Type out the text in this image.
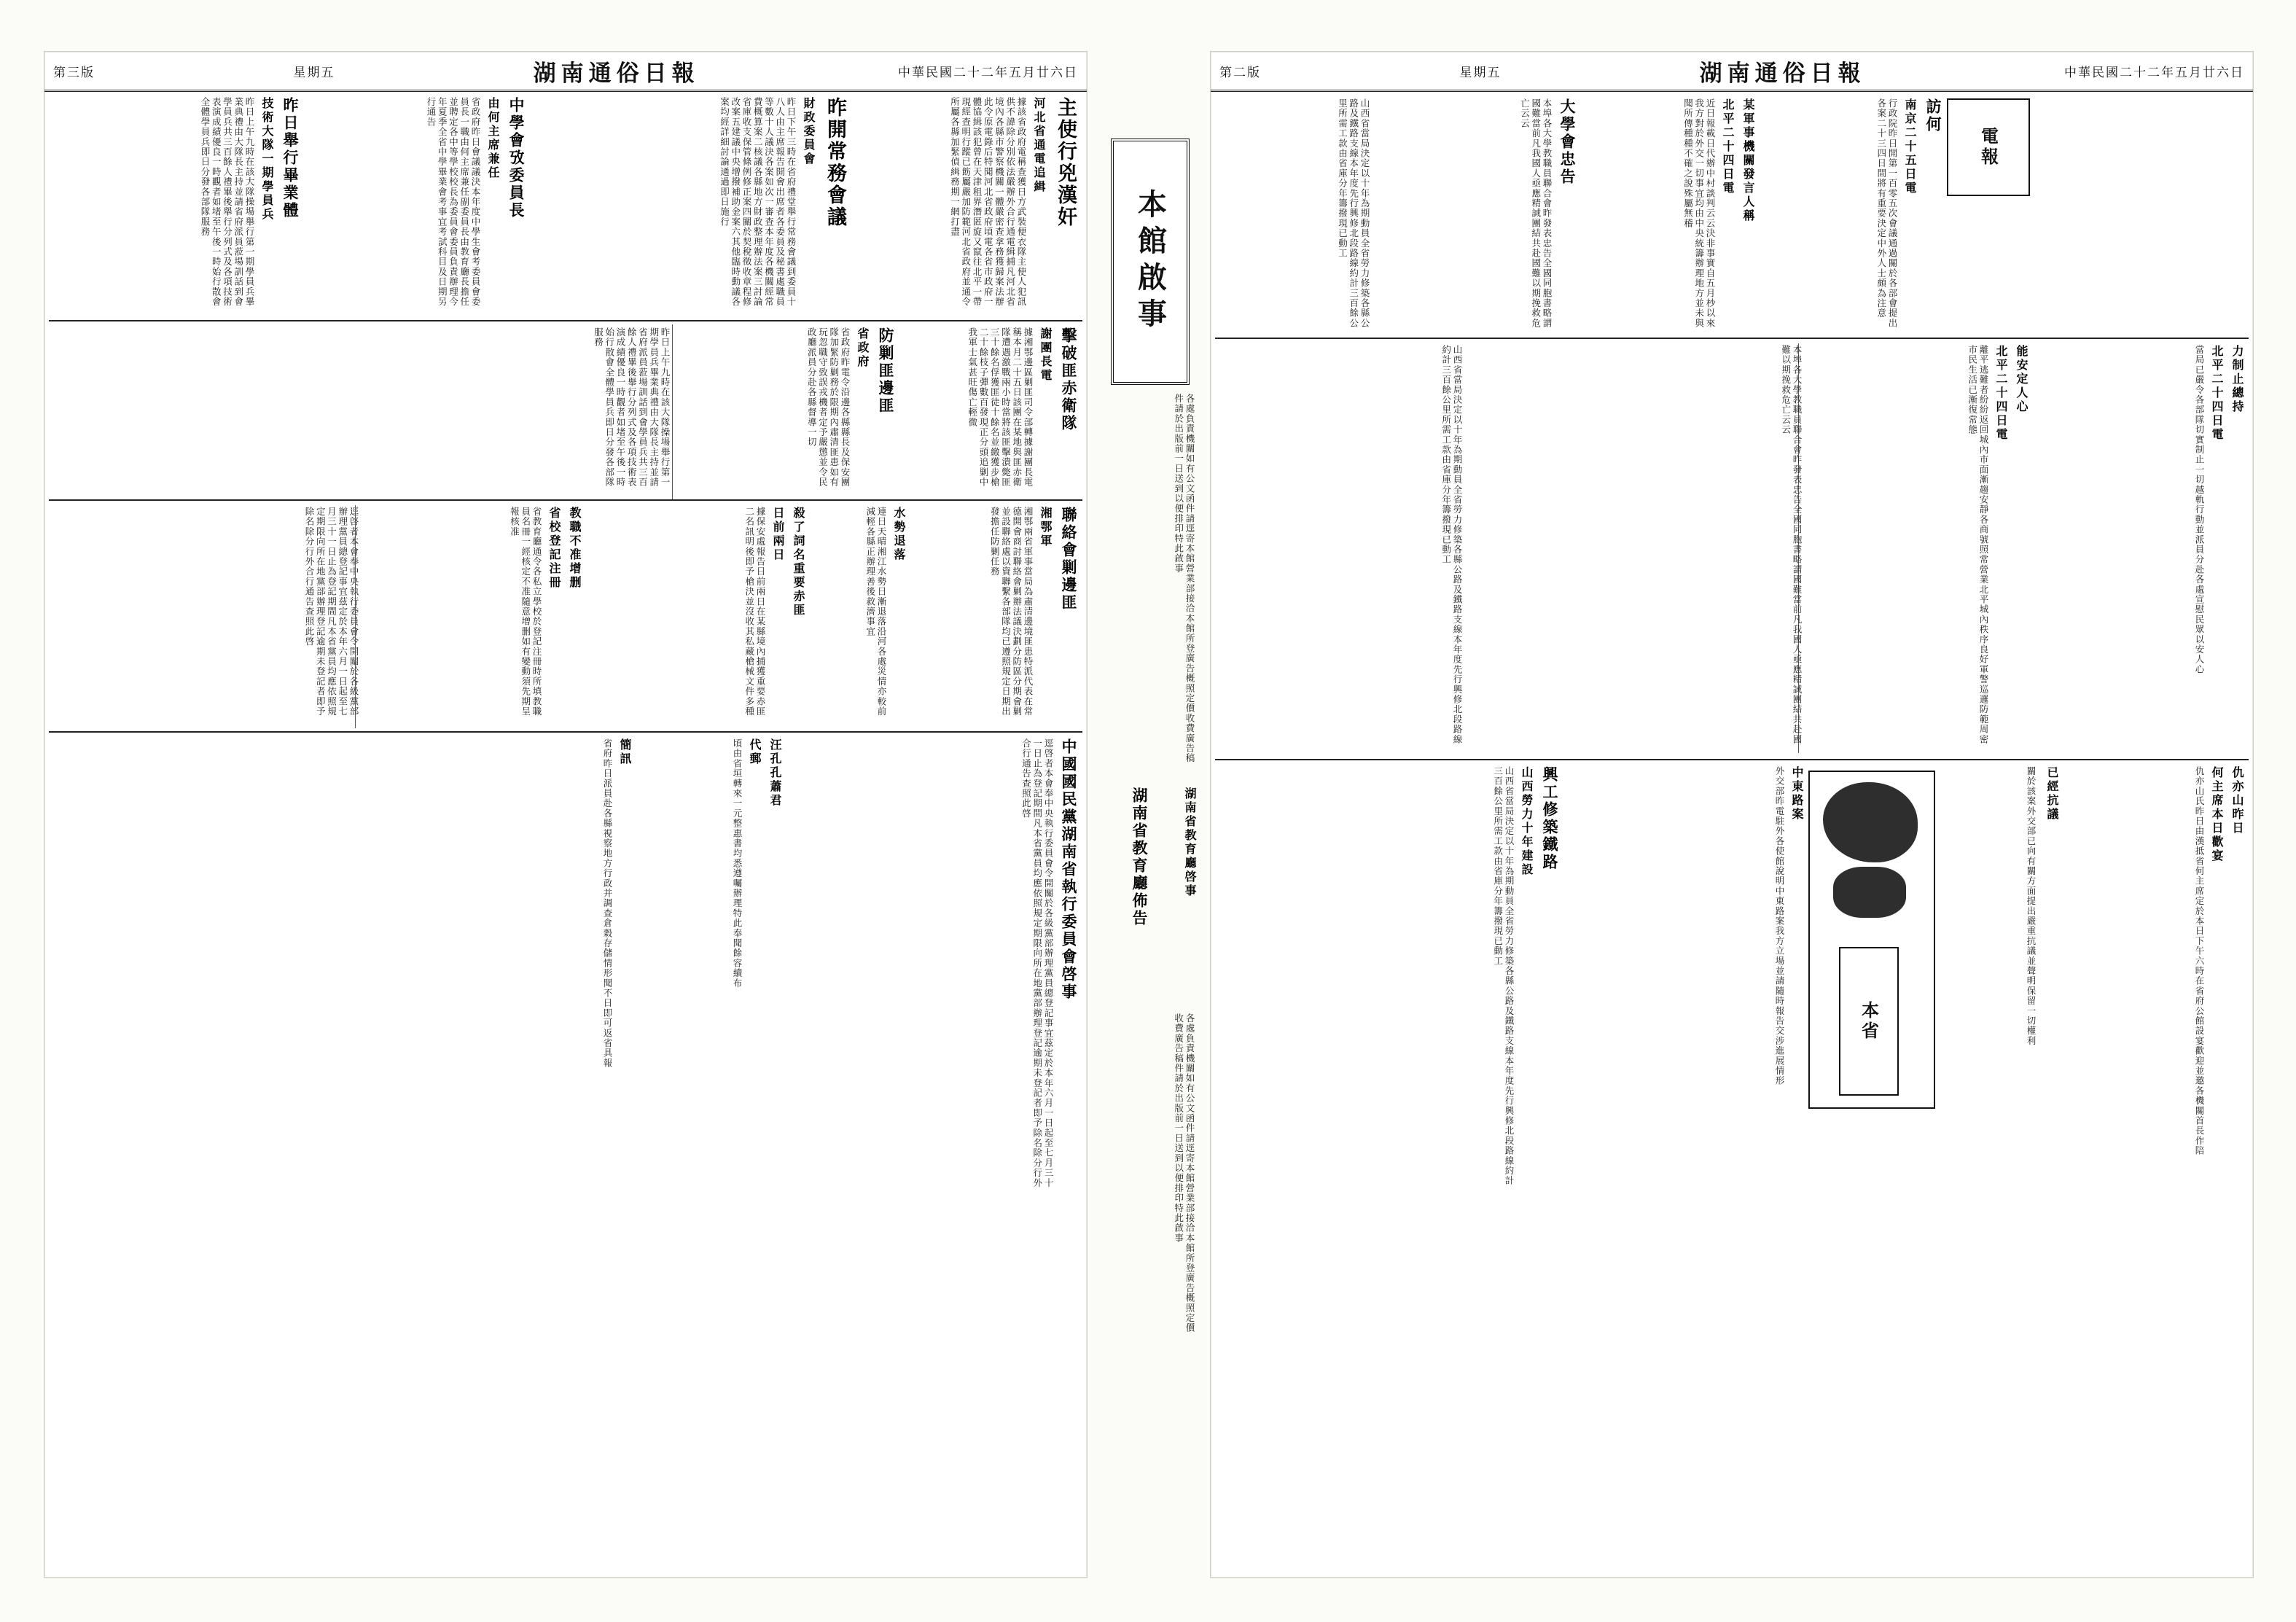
第三版	星期五	湖南通俗日報	中華民國二十二年五月廿六日
主使行兇漢奸
河北省通電追緝
據該省政府電稱查獲日方武裝便衣隊主使人犯訊供不諱除分別依法嚴辦外合行通電緝捕凡河北省境內各縣市警察機關一體嚴密查拿務獲歸案法辦此令原電錄后特聞河北省政府頃電各省市政府一體協緝該犯曾在天津租界潛匿旋又竄往北平一帶現經查明行蹤已飭屬嚴加防範河北省政府並通令所屬各縣加緊偵緝務期一網打盡
昨開常務會議
財政委員會
昨日下午三時在省府禮堂舉行常務會議到委員十八人由主席報告開會出席者各委員及秘書處職員等數十人議決各案如次一審查本年度各機關經常費概算案二核議各縣地方財政整理辦法案三討論省庫收支保管條例修正案四關於契稅徵收章程修改案五建議中央增撥補助金案六其他臨時動議各案均經詳細討論通過即日施行
中學會攷委員長
由何主席兼任
省政府昨日會議議決本年度中學生會考委員會委員長一職由何主席兼任副委員長由教育廳長擔任並聘定各中等學校校長為委員會委員負責辦理今年夏季全省中學畢業會考事宜考試科目及日期另行通告
昨日舉行畢業體
技術大隊一期學員兵
昨日上午九時在該大隊操場舉行第一期學員兵畢業典禮由大隊長主持並請省府派員蒞場訓話到會學員兵共三百餘人禮畢後舉行分列式及各項技術表演成績優良一時觀者如堵至午後一時始行散會全體學員兵即日分發各部隊服務
擊破匪赤衛隊
謝團長電
據湘鄂邊區剿匪司令部轉據謝團長電稱本月二十五日該團在某地與匪赤衛隊遭遇激戰兩小時當將該匪擊潰斃匪三十餘名俘獲匪徒十餘名並繳獲步槍二十餘枝子彈數百發現正分頭追剿中我軍士氣甚旺傷亡輕微
防剿匪邊匪
省政府
省政府昨電令沿邊各縣縣長及保安團隊加緊防剿務於限期內肅清匪患如有玩忽職守致誤戎機者定予嚴懲並令民政廳派員分赴各縣督導一切
昨日上午九時在該大隊操場舉行第一期學員兵畢業典禮由大隊長主持並請省府派員蒞場訓話到會學員兵共三百餘人禮畢後舉行分列式及各項技術表演成績優良一時觀者如堵至午後一時始行散會全體學員兵即日分發各部隊服務
聯絡會剿邊匪
湘鄂軍
湘鄂兩省軍事當局為肅清邊境匪患特派代表在常德開會商討聯絡會剿辦法議決劃分防區分期會剿並設聯絡處以資聯繫各部隊均已遵照規定日期出發擔任防剿任務
水勢退落
連日天晴湘江水勢日漸退落沿河各處災情亦較前減輕各縣正辦理善後救濟事宜
殺了詞名重要赤匪
日前兩日
據保安處報告日前兩日在某縣境內捕獲重要赤匪二名訊明後即予槍決並沒收其私藏槍械文件多種
教職不准增删
省校登記注冊
省教育廳通令各私立學校於登記注冊時所填教職員名冊一經核定不准隨意增删如有變動須先期呈報核准
逕啓者本會奉中央執行委員會令開關於各級黨部辦理黨員總登記事宜茲定於本年六月一日起至七月三十一日止為登記期間凡本省黨員均應依照規定期限向所在地黨部辦理登記逾期未登記者即予除名除分行外合行通告查照此啓
中國國民黨湖南省執行委員會啓事
逕啓者本會奉中央執行委員會令開關於各級黨部辦理黨員總登記事宜茲定於本年六月一日起至七月三十一日止為登記期間凡本省黨員均應依照規定期限向所在地黨部辦理登記逾期未登記者即予除名除分行外合行通告查照此啓
汪孔孔蕭君
代郵
頃由省垣轉來一元整惠書均悉遵囑辦理特此奉聞餘容續布
簡訊
省府昨日派員赴各縣視察地方行政并調查倉穀存儲情形聞不日即可返省具報
本館啟事
各處負責機關如有公文函件請逕寄本館營業部接洽本館所登廣告概照定價收費廣告稿件請於出版前一日送到以便排印特此啟事
湖南省教育廳佈告	湖南省教育廳啓事
各處負責機關如有公文函件請逕寄本館營業部接洽本館所登廣告概照定價收費廣告稿件請於出版前一日送到以便排印特此啟事
第二版	星期五	湖南通俗日報	中華民國二十二年五月廿六日
電報
訪何
南京二十五日電
行政院昨日開第一百零五次會議通過關於各部會提出各案二十三四日間將有重要決定中外人士頗為注意
某軍事機關發言人稱
北平二十四日電
近日報載日代辦中村談判云云決非事實自五月杪以來我方對於外交一切事宜均由中央統籌辦理地方並未與聞所傳種種不確之說殊屬無稽
大學會忠告
本埠各大學教職員聯合會昨發表忠告全國同胞書略謂國難當前凡我國人亟應精誠團結共赴國難以期挽救危亡云云
山西省當局決定以十年為期動員全省勞力修築各縣公路及鐵路支線本年度先行興修北段路線約計三百餘公里所需工款由省庫分年籌撥現已動工
力制止總持
北平二十四日電
當局已嚴令各部隊切實制止一切越軌行動並派員分赴各處宣慰民眾以安人心
能安定人心
北平二十四日電
離平逃難者紛紛返回城內市面漸趨安靜各商號照常營業北平城內秩序良好軍警巡邏防範周密市民生活已漸復常態
本埠各大學教職員聯合會昨發表忠告全國同胞書略謂國難當前凡我國人亟應精誠團結共赴國難以期挽救危亡云云
山西省當局決定以十年為期動員全省勞力修築各縣公路及鐵路支線本年度先行興修北段路線約計三百餘公里所需工款由省庫分年籌撥現已動工
仇亦山昨日
何主席本日歡宴
仇亦山氏昨日由漢抵省何主席定於本日下午六時在省府公館設宴歡迎並邀各機關首長作陪
已經抗議
關於該案外交部已向有關方面提出嚴重抗議並聲明保留一切權利
本省
中東路案
外交部昨電駐外各使館說明中東路案我方立場並請隨時報告交涉進展情形
興工修築鐵路
山西勞力十年建設
山西省當局決定以十年為期動員全省勞力修築各縣公路及鐵路支線本年度先行興修北段路線約計三百餘公里所需工款由省庫分年籌撥現已動工
